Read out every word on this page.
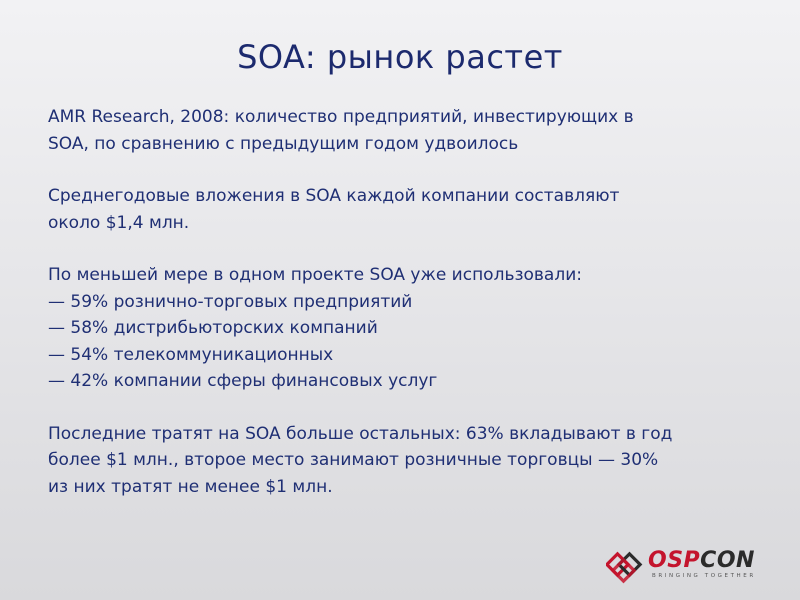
SOA: рынок растет
AMR Research, 2008: количество предприятий, инвестирующих в
SOA, по сравнению с предыдущим годом удвоилось
Среднегодовые вложения в SOA каждой компании составляют
около $1,4 млн.
По меньшей мере в одном проекте SOA уже использовали:
— 59% рознично-торговых предприятий
— 58% дистрибьюторских компаний
— 54% телекоммуникационных
— 42% компании сферы финансовых услуг
Последние тратят на SOA больше остальных: 63% вкладывают в год
более $1 млн., второе место занимают розничные торговцы — 30%
из них тратят не менее $1 млн.
OSPCON
BRINGING TOGETHER
